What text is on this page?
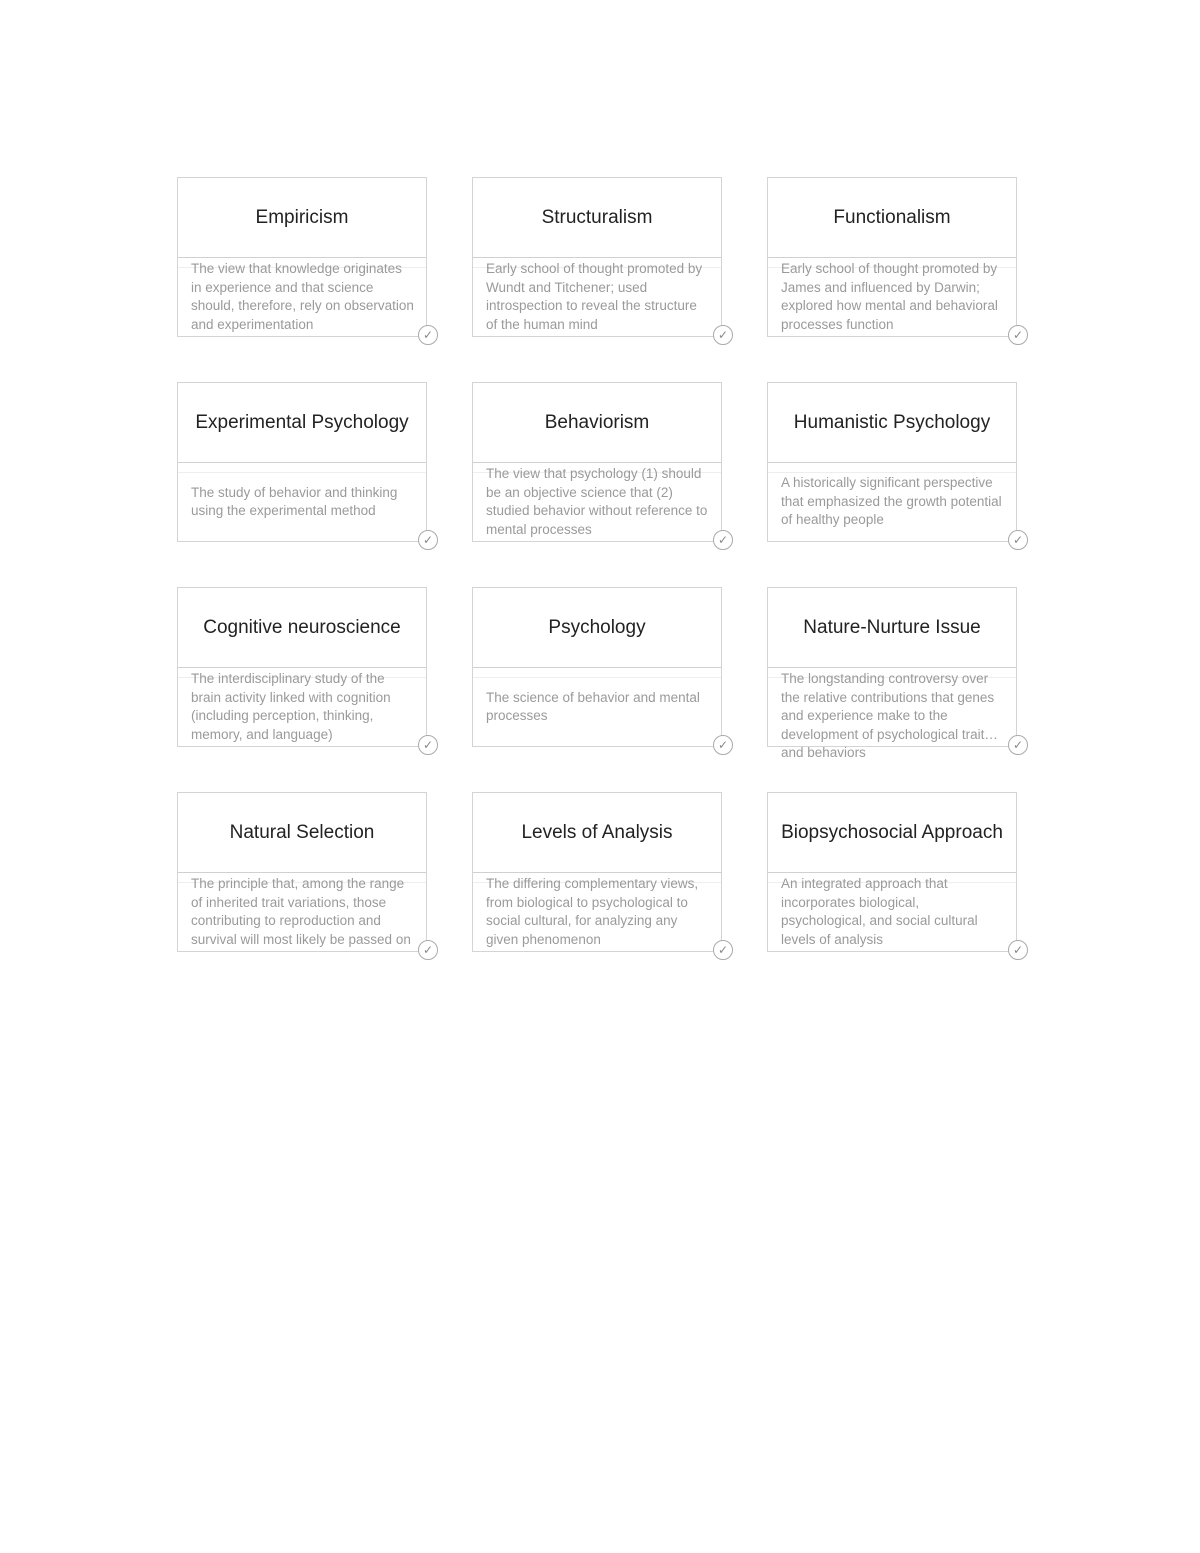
Empiricism
The view that knowledge originates in experience and that science should, therefore, rely on observation and experimentation
✓
Structuralism
Early school of thought promoted by Wundt and Titchener; used introspection to reveal the structure of the human mind
✓
Functionalism
Early school of thought promoted by James and influenced by Darwin; explored how mental and behavioral processes function
✓
Experimental Psychology
The study of behavior and thinking using the experimental method
✓
Behaviorism
The view that psychology (1) should be an objective science that (2) studied behavior without reference to mental processes
✓
Humanistic Psychology
A historically significant perspective that emphasized the growth potential of healthy people
✓
Cognitive neuroscience
The interdisciplinary study of the brain activity linked with cognition (including perception, thinking, memory, and language)
✓
Psychology
The science of behavior and mental processes
✓
Nature-Nurture Issue
The longstanding controversy over the relative contributions that genes and experience make to the development of psychological traits and behaviors	✓
Natural Selection
The principle that, among the range of inherited trait variations, those contributing to reproduction and survival will most likely be passed on
✓
Levels of Analysis
The differing complementary views, from biological to psychological to social cultural, for analyzing any given phenomenon
✓
Biopsychosocial Approach
An integrated approach that incorporates biological, psychological, and social cultural levels of analysis
✓
